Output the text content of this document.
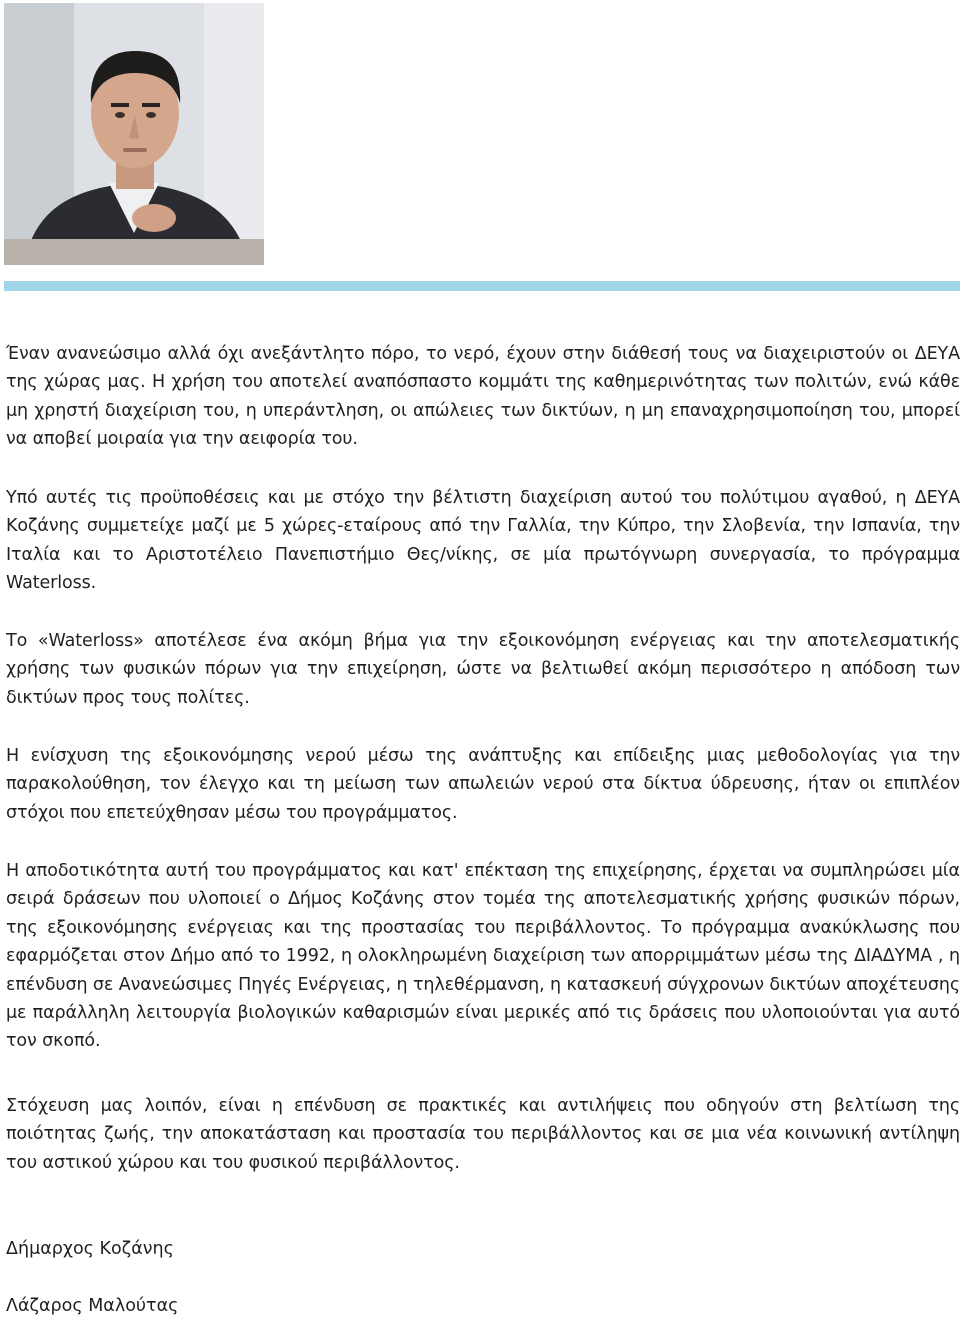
Έναν ανανεώσιμο αλλά όχι ανεξάντλητο πόρο, το νερό, έχουν στην διάθεσή τους να διαχειριστούν οι ΔΕΥΑ της χώρας μας. Η χρήση του αποτελεί αναπόσπαστο κομμάτι της καθημερινότητας των πολιτών, ενώ κάθε μη χρηστή διαχείριση του, η υπεράντληση, οι απώλειες των δικτύων, η μη επαναχρησιμοποίηση του, μπορεί να αποβεί μοιραία για την αειφορία του.

Υπό αυτές τις προϋποθέσεις και με στόχο την βέλτιστη διαχείριση αυτού του πολύτιμου αγαθού, η ΔΕΥΑ Κοζάνης συμμετείχε μαζί με 5 χώρες-εταίρους από την Γαλλία, την Κύπρο, την Σλοβενία, την Ισπανία, την Ιταλία και το Αριστοτέλειο Πανεπιστήμιο Θες/νίκης, σε μία πρωτόγνωρη συνεργασία, το πρόγραμμα Waterloss.

Το «Waterloss» αποτέλεσε ένα ακόμη βήμα για την εξοικονόμηση ενέργειας και την αποτελεσματικής χρήσης των φυσικών πόρων για την επιχείρηση, ώστε να βελτιωθεί ακόμη περισσότερο η απόδοση των δικτύων προς τους πολίτες.

Η ενίσχυση της εξοικονόμησης νερού μέσω της ανάπτυξης και επίδειξης μιας μεθοδολογίας για την παρακολούθηση, τον έλεγχο και τη μείωση των απωλειών νερού στα δίκτυα ύδρευσης, ήταν οι επιπλέον στόχοι που επετεύχθησαν μέσω του προγράμματος.

Η αποδοτικότητα αυτή του προγράμματος και κατ' επέκταση της επιχείρησης, έρχεται να συμπληρώσει μία σειρά δράσεων που υλοποιεί ο Δήμος Κοζάνης στον τομέα της αποτελεσματικής χρήσης φυσικών πόρων, της εξοικονόμησης ενέργειας και της προστασίας του περιβάλλοντος. Το πρόγραμμα ανακύκλωσης που εφαρμόζεται στον Δήμο από το 1992, η ολοκληρωμένη διαχείριση των απορριμμάτων μέσω της ΔΙΑΔΥΜΑ , η επένδυση σε Ανανεώσιμες Πηγές Ενέργειας, η τηλεθέρμανση, η κατασκευή σύγχρονων δικτύων αποχέτευσης με παράλληλη λειτουργία βιολογικών καθαρισμών είναι μερικές από τις δράσεις που υλοποιούνται για αυτό τον σκοπό.

Στόχευση μας λοιπόν, είναι η επένδυση σε πρακτικές και αντιλήψεις που οδηγούν στη βελτίωση της ποιότητας ζωής, την αποκατάσταση και προστασία του περιβάλλοντος και σε μια νέα κοινωνική αντίληψη του αστικού χώρου και του φυσικού περιβάλλοντος.

Δήμαρχος Κοζάνης

Λάζαρος Μαλούτας
